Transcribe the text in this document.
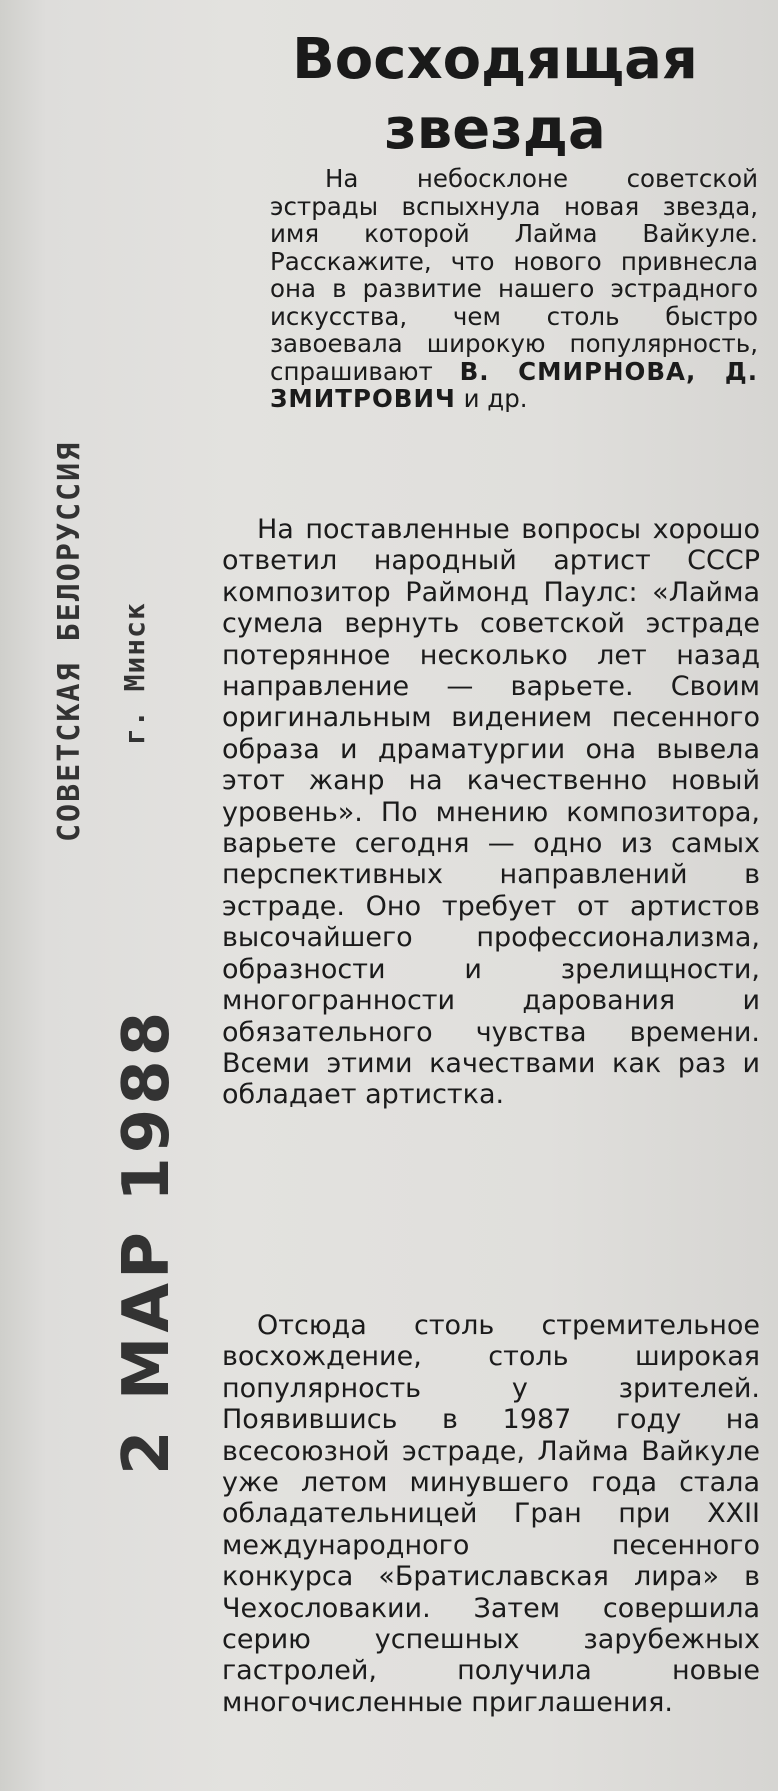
СОВЕТСКАЯ БЕЛОРУССИЯ г. Минск
2 МАР 1988
Восходящая
звезда
На небосклоне советской эстрады вспыхнула новая звезда, имя которой Лайма Вайкуле. Расскажите, что нового привнесла она в развитие нашего эстрадного искусства, чем столь быстро завоевала широкую популярность, спрашивают В. СМИРНОВА, Д. ЗМИТРОВИЧ и др.

На поставленные вопросы хорошо ответил народный артист СССР композитор Раймонд Паулс: «Лайма сумела вернуть советской эстраде потерянное несколько лет назад направление — варьете. Своим оригинальным видением песенного образа и драматургии она вывела этот жанр на качественно новый уровень». По мнению композитора, варьете сегодня — одно из самых перспективных направлений в эстраде. Оно требует от артистов высочайшего профессионализма, образности и зрелищности, многогранности дарования и обязательного чувства времени. Всеми этими качествами как раз и обладает артистка.

Отсюда столь стремительное восхождение, столь широкая популярность у зрителей. Появившись в 1987 году на всесоюзной эстраде, Лайма Вайкуле уже летом минувшего года стала обладательницей Гран при XXII международного песенного конкурса «Братиславская лира» в Чехословакии. Затем совершила серию успешных зарубежных гастролей, получила новые многочисленные приглашения.
